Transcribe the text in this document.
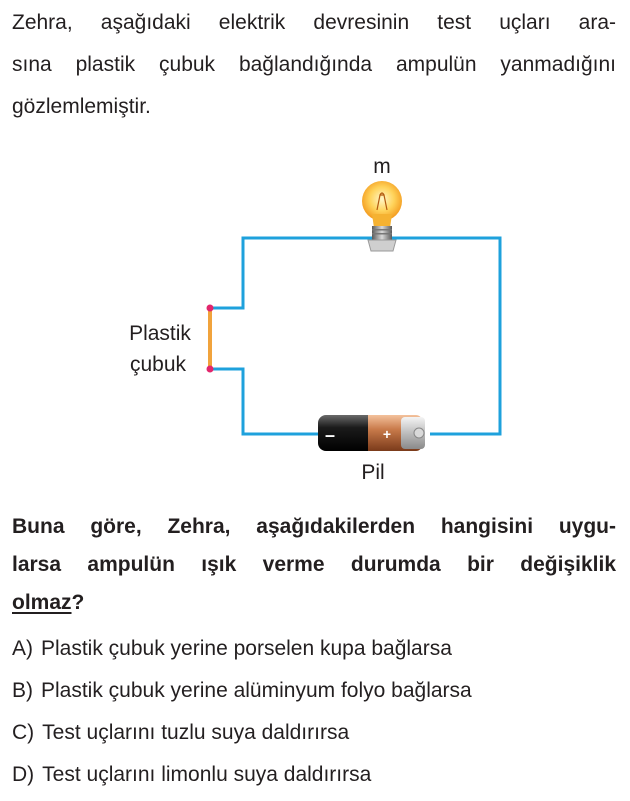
Zehra, aşağıdaki elektrik devresinin test uçları ara-
sına plastik çubuk bağlandığında ampulün yanmadığını
gözlemlemiştir.
m
Plastik
çubuk
–	+
Pil
Buna göre, Zehra, aşağıdakilerden hangisini uygu-
larsa ampulün ışık verme durumda bir değişiklik
olmaz?
A) Plastik çubuk yerine porselen kupa bağlarsa
B) Plastik çubuk yerine alüminyum folyo bağlarsa
C) Test uçlarını tuzlu suya daldırırsa
D) Test uçlarını limonlu suya daldırırsa
